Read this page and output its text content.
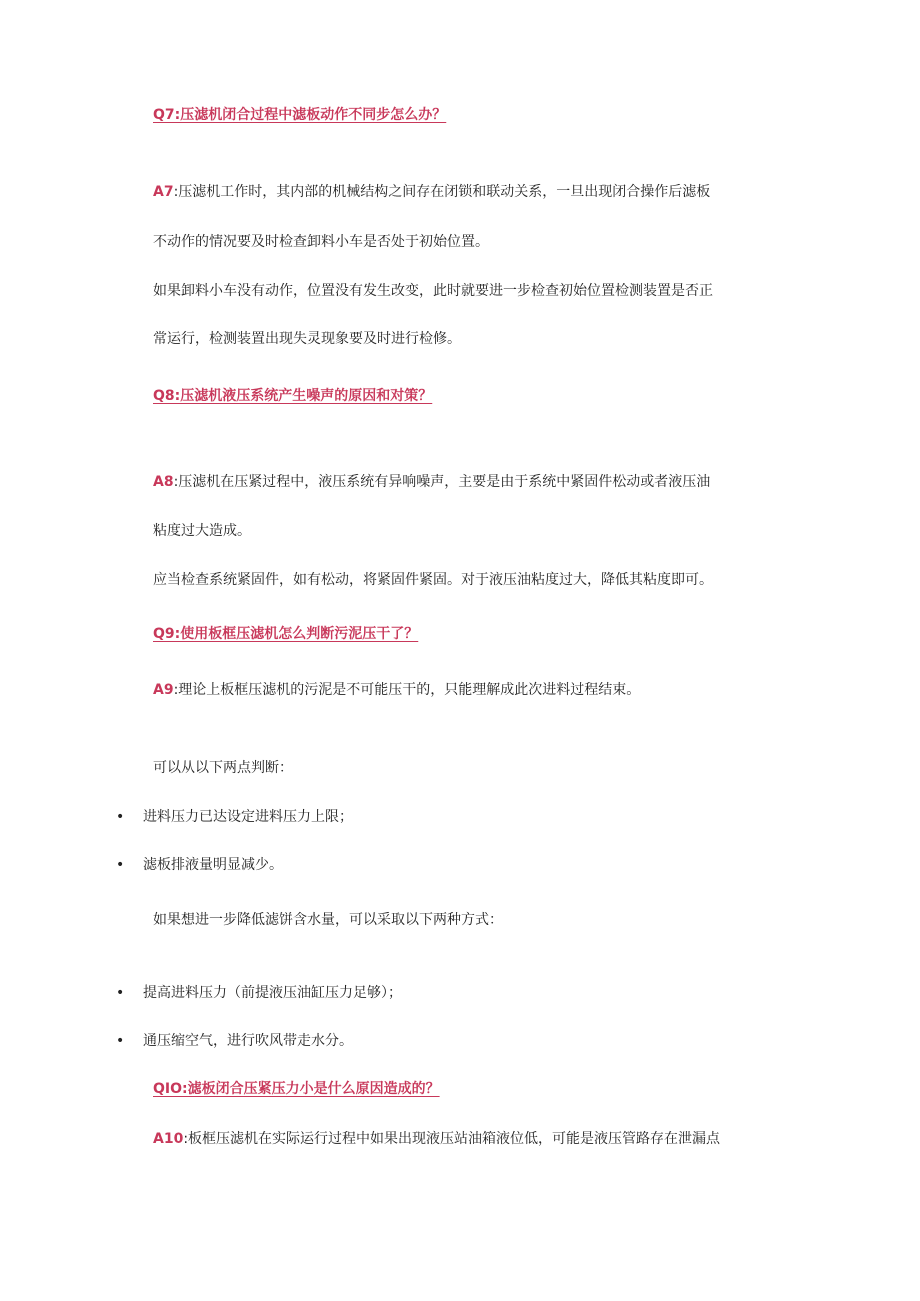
Q7:压滤机闭合过程中滤板动作不同步怎么办？
A7:压滤机工作时，其内部的机械结构之间存在闭锁和联动关系，一旦出现闭合操作后滤板
不动作的情况要及时检查卸料小车是否处于初始位置。
如果卸料小车没有动作，位置没有发生改变，此时就要进一步检查初始位置检测装置是否正
常运行，检测装置出现失灵现象要及时进行检修。
Q8:压滤机液压系统产生噪声的原因和对策？
A8:压滤机在压紧过程中，液压系统有异响噪声，主要是由于系统中紧固件松动或者液压油
粘度过大造成。
应当检查系统紧固件，如有松动，将紧固件紧固。对于液压油粘度过大，降低其粘度即可。
Q9:使用板框压滤机怎么判断污泥压干了？
A9:理论上板框压滤机的污泥是不可能压干的，只能理解成此次进料过程结束。
可以从以下两点判断：
• 进料压力已达设定进料压力上限；
• 滤板排液量明显减少。
如果想进一步降低滤饼含水量，可以采取以下两种方式：
• 提高进料压力（前提液压油缸压力足够）；
• 通压缩空气，进行吹风带走水分。
QIO:滤板闭合压紧压力小是什么原因造成的？
A10:板框压滤机在实际运行过程中如果出现液压站油箱液位低，可能是液压管路存在泄漏点
